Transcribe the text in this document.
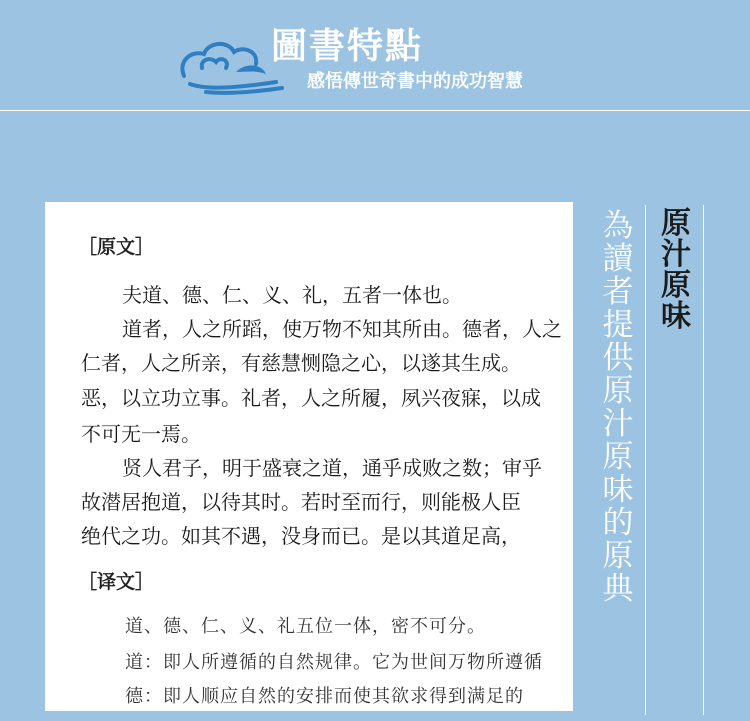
圖書特點
感悟傳世奇書中的成功智慧
［原文］
夫道、德、仁、义、礼，五者一体也。
道者，人之所蹈，使万物不知其所由。德者，人之
仁者，人之所亲，有慈慧恻隐之心，以遂其生成。
恶，以立功立事。礼者，人之所履，夙兴夜寐，以成
不可无一焉。
贤人君子，明于盛衰之道，通乎成败之数；审乎
故潜居抱道，以待其时。若时至而行，则能极人臣
绝代之功。如其不遇，没身而已。是以其道足高，
［译文］
道、德、仁、义、礼五位一体，密不可分。
道：即人所遵循的自然规律。它为世间万物所遵循
德：即人顺应自然的安排而使其欲求得到满足的
為讀者提供原汁原味的原典
原汁原味
